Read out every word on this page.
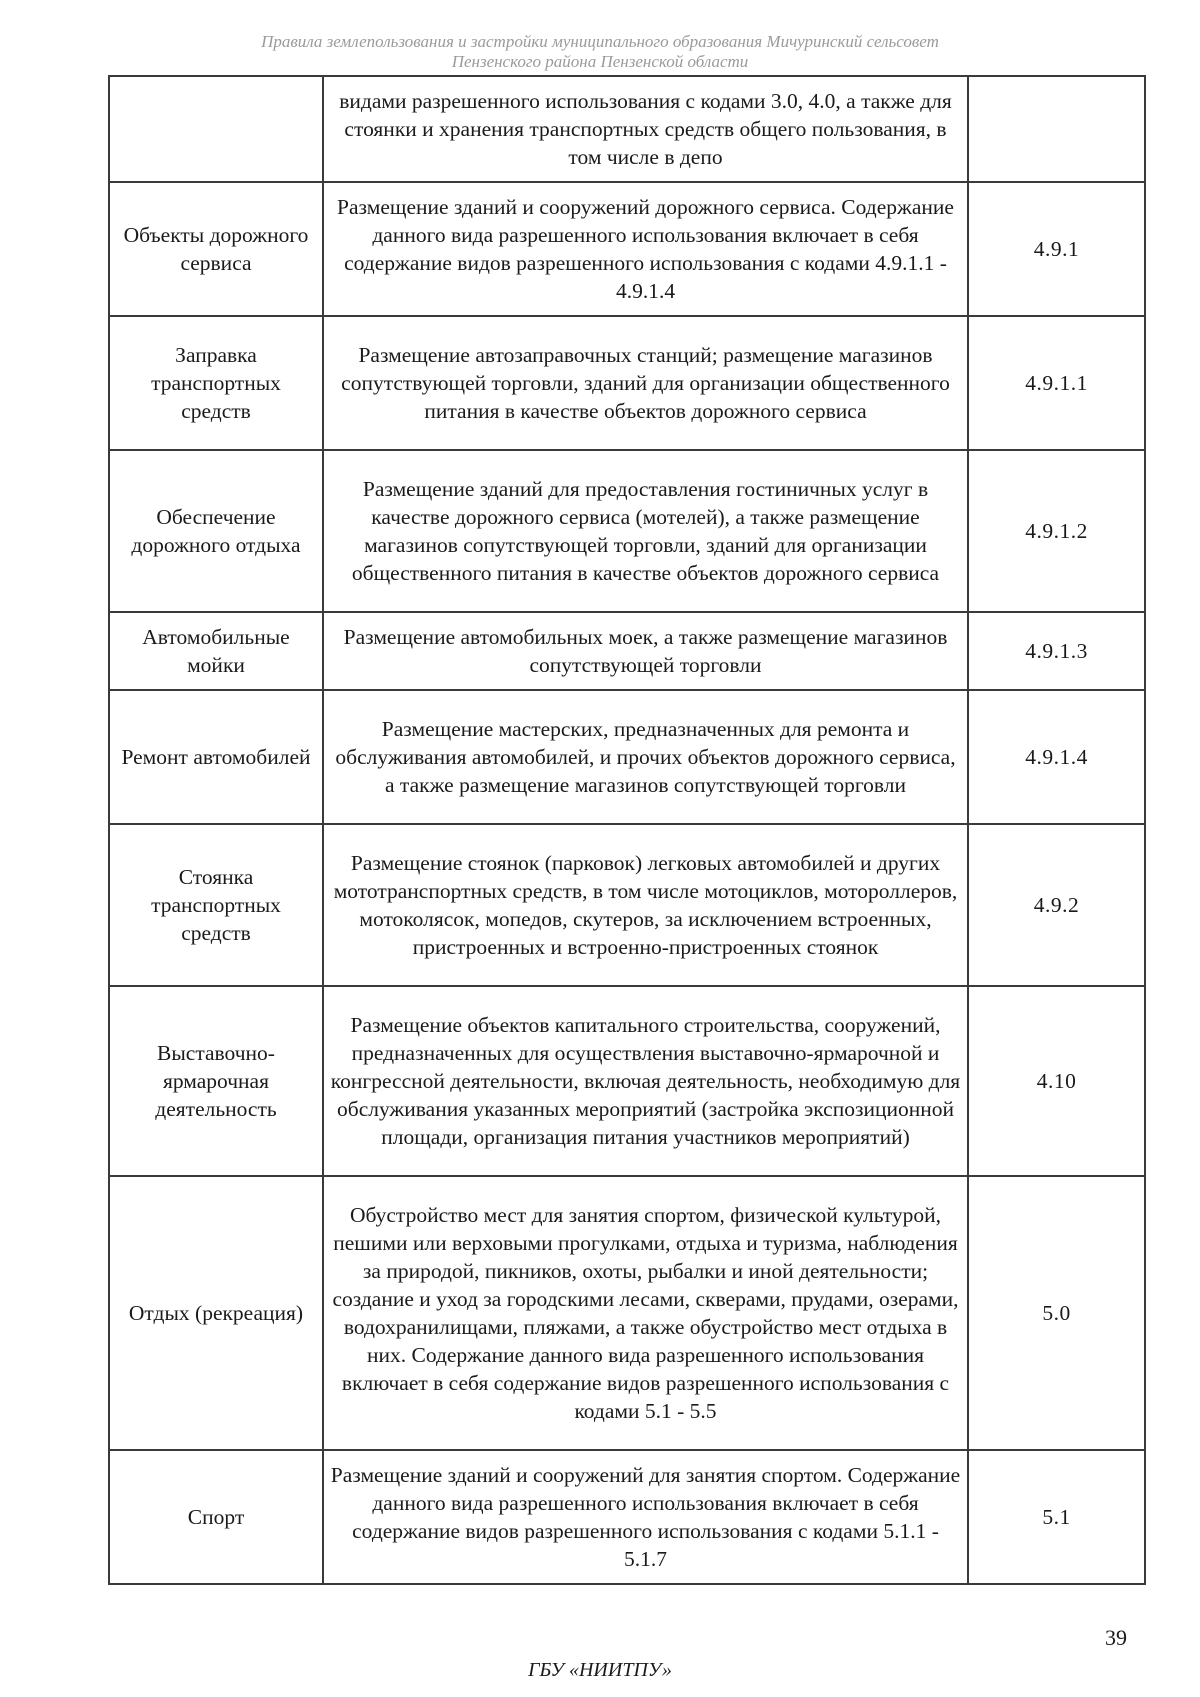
Правила землепользования и застройки муниципального образования Мичуринский сельсовет
Пензенского района Пензенской области
	видами разрешенного использования с кодами 3.0, 4.0, а также для стоянки и хранения транспортных средств общего пользования, в том числе в депо	
Объекты дорожного сервиса	Размещение зданий и сооружений дорожного сервиса. Содержание данного вида разрешенного использования включает в себя содержание видов разрешенного использования с кодами 4.9.1.1 - 4.9.1.4	4.9.1
Заправка транспортных средств	Размещение автозаправочных станций; размещение магазинов сопутствующей торговли, зданий для организации общественного питания в качестве объектов дорожного сервиса	4.9.1.1
Обеспечение дорожного отдыха	Размещение зданий для предоставления гостиничных услуг в качестве дорожного сервиса (мотелей), а также размещение магазинов сопутствующей торговли, зданий для организации общественного питания в качестве объектов дорожного сервиса	4.9.1.2
Автомобильные мойки	Размещение автомобильных моек, а также размещение магазинов сопутствующей торговли	4.9.1.3
Ремонт автомобилей	Размещение мастерских, предназначенных для ремонта и обслуживания автомобилей, и прочих объектов дорожного сервиса, а также размещение магазинов сопутствующей торговли	4.9.1.4
Стоянка транспортных средств	Размещение стоянок (парковок) легковых автомобилей и других мототранспортных средств, в том числе мотоциклов, мотороллеров, мотоколясок, мопедов, скутеров, за исключением встроенных, пристроенных и встроенно-пристроенных стоянок	4.9.2
Выставочно-ярмарочная деятельность	Размещение объектов капитального строительства, сооружений, предназначенных для осуществления выставочно-ярмарочной и конгрессной деятельности, включая деятельность, необходимую для обслуживания указанных мероприятий (застройка экспозиционной площади, организация питания участников мероприятий)	4.10
Отдых (рекреация)	Обустройство мест для занятия спортом, физической культурой, пешими или верховыми прогулками, отдыха и туризма, наблюдения за природой, пикников, охоты, рыбалки и иной деятельности; создание и уход за городскими лесами, скверами, прудами, озерами, водохранилищами, пляжами, а также обустройство мест отдыха в них. Содержание данного вида разрешенного использования включает в себя содержание видов разрешенного использования с кодами 5.1 - 5.5	5.0
Спорт	Размещение зданий и сооружений для занятия спортом. Содержание данного вида разрешенного использования включает в себя содержание видов разрешенного использования с кодами 5.1.1 - 5.1.7	5.1
39
ГБУ «НИИТПУ»
